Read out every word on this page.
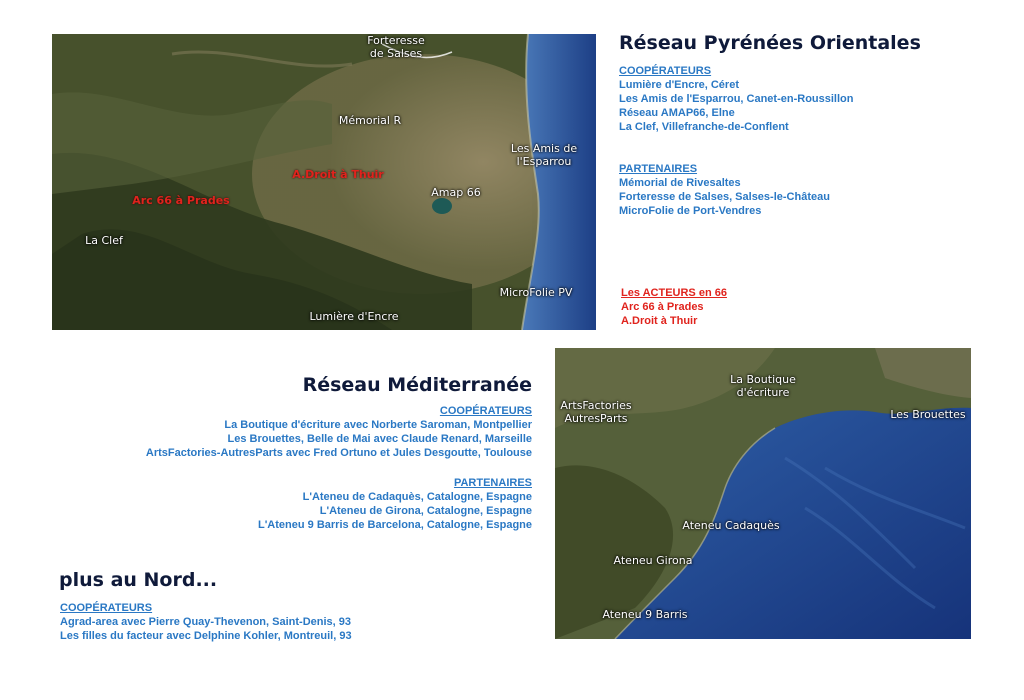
Forteresse
de Salses
Mémorial R
Les Amis de
l'Esparrou
A.Droit à Thuir
Amap 66
Arc 66 à Prades
La Clef
MicroFolie PV
Lumière d'Encre
Réseau Pyrénées Orientales
COOPÉRATEURS
Lumière d'Encre, Céret
Les Amis de l'Esparrou, Canet-en-Roussillon
Réseau AMAP66, Elne
La Clef, Villefranche-de-Conflent
PARTENAIRES
Mémorial de Rivesaltes
Forteresse de Salses, Salses-le-Château
MicroFolie de Port-Vendres
Les ACTEURS en 66
Arc 66 à Prades
A.Droit à Thuir
Réseau Méditerranée
COOPÉRATEURS
La Boutique d'écriture avec Norberte Saroman, Montpellier
Les Brouettes, Belle de Mai avec Claude Renard, Marseille
ArtsFactories-AutresParts avec Fred Ortuno et Jules Desgoutte, Toulouse
PARTENAIRES
L'Ateneu de Cadaquès, Catalogne, Espagne
L'Ateneu de Girona, Catalogne, Espagne
L'Ateneu 9 Barris de Barcelona, Catalogne, Espagne
La Boutique
d'écriture
ArtsFactories
AutresParts	Les Brouettes
Ateneu Cadaquès
Ateneu Girona
Ateneu 9 Barris
plus au Nord...
COOPÉRATEURS
Agrad-area avec Pierre Quay-Thevenon, Saint-Denis, 93
Les filles du facteur avec Delphine Kohler, Montreuil, 93
